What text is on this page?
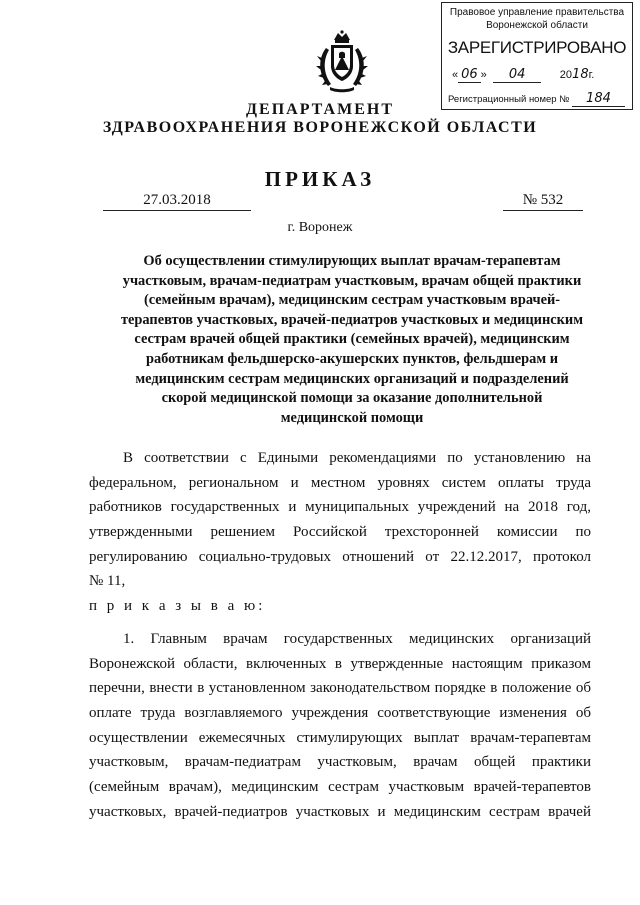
Правовое управление правительства
Воронежской области
ЗАРЕГИСТРИРОВАНО
« 06 »  04	2018г.
Регистрационный номер № 184
ДЕПАРТАМЕНТ
ЗДРАВООХРАНЕНИЯ ВОРОНЕЖСКОЙ ОБЛАСТИ
ПРИКАЗ
27.03.2018	№ 532
г. Воронеж
Об осуществлении стимулирующих выплат врачам-терапевтам
участковым, врачам-педиатрам участковым, врачам общей практики
(семейным врачам), медицинским сестрам участковым врачей-
терапевтов участковых, врачей-педиатров участковых и медицинским
сестрам врачей общей практики (семейных врачей), медицинским
работникам фельдшерско-акушерских пунктов, фельдшерам и
медицинским сестрам медицинских организаций и подразделений
скорой медицинской помощи за оказание дополнительной
медицинской помощи
В соответствии с Едиными рекомендациями по установлению на
федеральном, региональном и местном уровнях систем оплаты труда
работников государственных и муниципальных учреждений на 2018 год,
утвержденными решением Российской трехсторонней комиссии по
регулированию социально-трудовых отношений от 22.12.2017, протокол
№ 11,
п р и к а з ы в а ю:
1. Главным врачам государственных медицинских организаций
Воронежской области, включенных в утвержденные настоящим приказом
перечни, внести в установленном законодательством порядке в положение об
оплате труда возглавляемого учреждения соответствующие изменения об
осуществлении ежемесячных стимулирующих выплат врачам-терапевтам
участковым, врачам-педиатрам участковым, врачам общей практики
(семейным врачам), медицинским сестрам участковым врачей-терапевтов
участковых, врачей-педиатров участковых и медицинским сестрам врачей
